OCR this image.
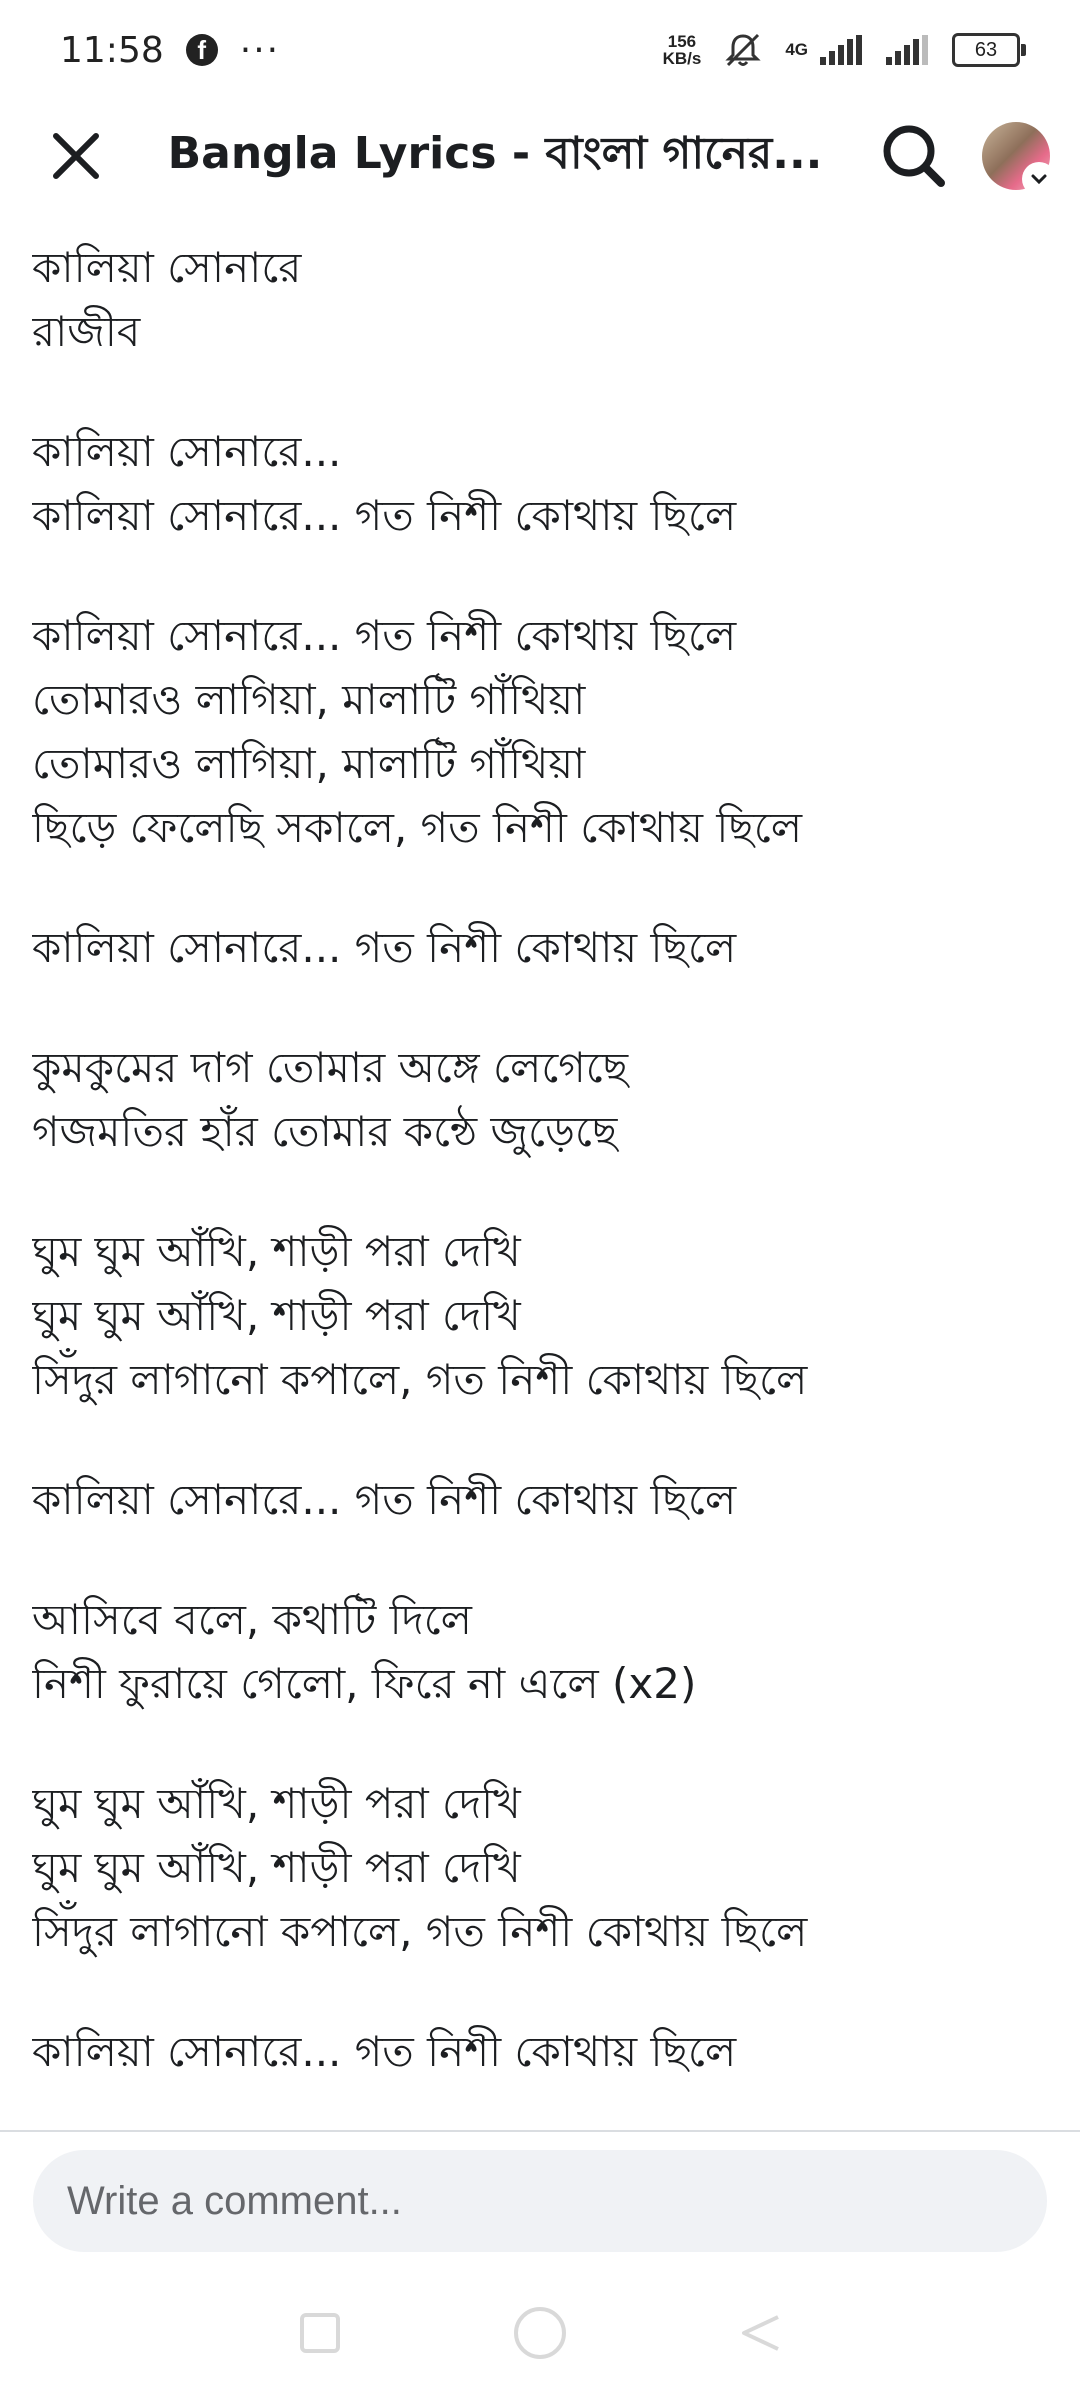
11:58	f ···	156
KB/s	4G	63
Bangla Lyrics - বাংলা গানের...
কালিয়া সোনারে
রাজীব
কালিয়া সোনারে...
কালিয়া সোনারে... গত নিশী কোথায় ছিলে
কালিয়া সোনারে... গত নিশী কোথায় ছিলে
তোমারও লাগিয়া, মালাটি গাঁথিয়া
তোমারও লাগিয়া, মালাটি গাঁথিয়া
ছিড়ে ফেলেছি সকালে, গত নিশী কোথায় ছিলে
কালিয়া সোনারে... গত নিশী কোথায় ছিলে
কুমকুমের দাগ তোমার অঙ্গে লেগেছে
গজমতির হাঁর তোমার কন্ঠে জুড়েছে
ঘুম ঘুম আঁখি, শাড়ী পরা দেখি
ঘুম ঘুম আঁখি, শাড়ী পরা দেখি
সিঁদুর লাগানো কপালে, গত নিশী কোথায় ছিলে
কালিয়া সোনারে... গত নিশী কোথায় ছিলে
আসিবে বলে, কথাটি দিলে
নিশী ফুরায়ে গেলো, ফিরে না এলে (x2)
ঘুম ঘুম আঁখি, শাড়ী পরা দেখি
ঘুম ঘুম আঁখি, শাড়ী পরা দেখি
সিঁদুর লাগানো কপালে, গত নিশী কোথায় ছিলে
কালিয়া সোনারে... গত নিশী কোথায় ছিলে
Write a comment...
